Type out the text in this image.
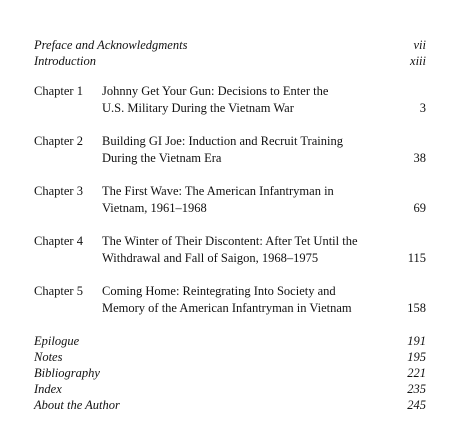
Preface and Acknowledgments	vii
Introduction	xiii
Chapter 1	Johnny Get Your Gun: Decisions to Enter the
U.S. Military During the Vietnam War	3
Chapter 2	Building GI Joe: Induction and Recruit Training
During the Vietnam Era	38
Chapter 3	The First Wave: The American Infantryman in
Vietnam, 1961–1968	69
Chapter 4	The Winter of Their Discontent: After Tet Until the
Withdrawal and Fall of Saigon, 1968–1975	115
Chapter 5	Coming Home: Reintegrating Into Society and
Memory of the American Infantryman in Vietnam	158
Epilogue	191
Notes	195
Bibliography	221
Index	235
About the Author	245
